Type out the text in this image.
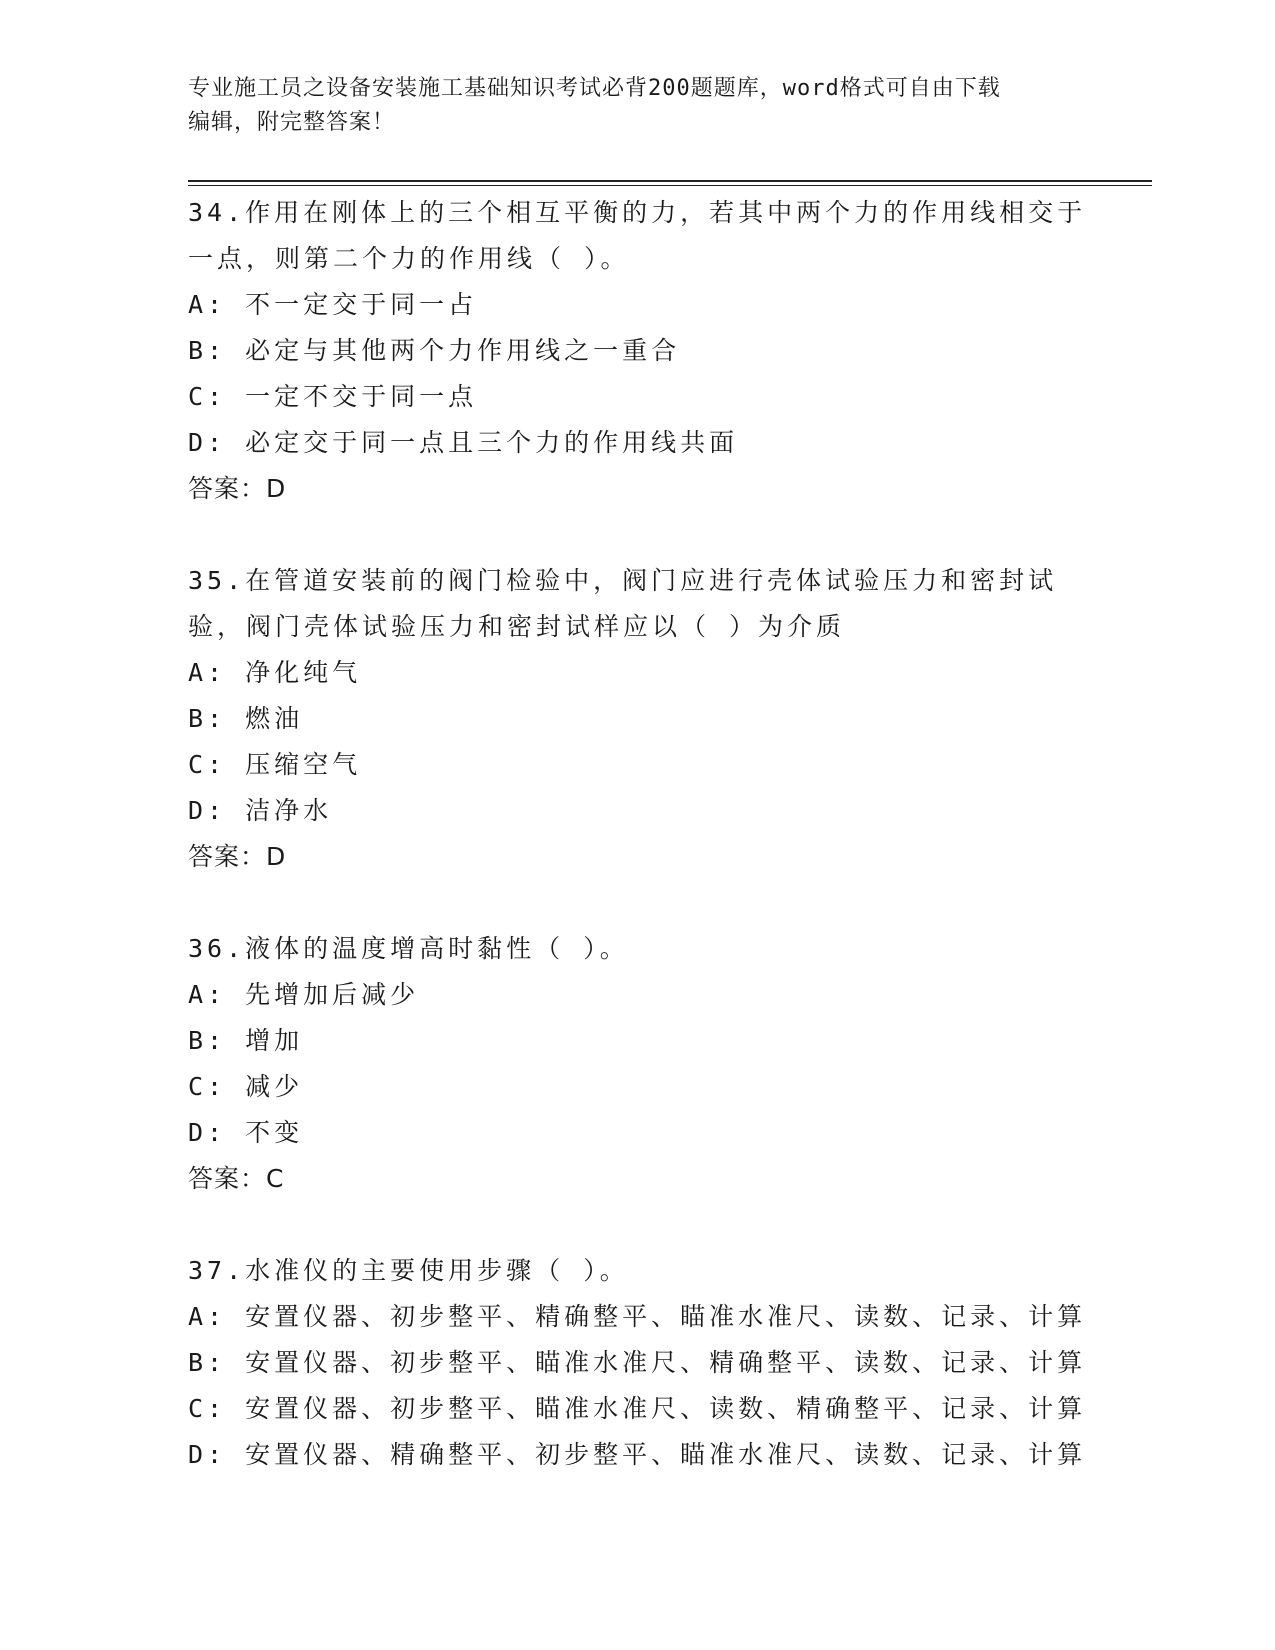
专业施工员之设备安装施工基础知识考试必背200题题库，word格式可自由下载
编辑，附完整答案！

34.作用在刚体上的三个相互平衡的力，若其中两个力的作用线相交于一点，则第二个力的作用线（ ）。

A: 不一定交于同一占
B: 必定与其他两个力作用线之一重合
C: 一定不交于同一点
D: 必定交于同一点且三个力的作用线共面
答案：D

35.在管道安装前的阀门检验中，阀门应进行壳体试验压力和密封试验，阀门壳体试验压力和密封试样应以（ ）为介质

A: 净化纯气
B: 燃油
C: 压缩空气
D: 洁净水
答案：D

36.液体的温度增高时黏性（ ）。

A: 先增加后减少
B: 增加
C: 减少
D: 不变
答案：C

37.水准仪的主要使用步骤（ ）。

A: 安置仪器、初步整平、精确整平、瞄准水准尺、读数、记录、计算
B: 安置仪器、初步整平、瞄准水准尺、精确整平、读数、记录、计算
C: 安置仪器、初步整平、瞄准水准尺、读数、精确整平、记录、计算
D: 安置仪器、精确整平、初步整平、瞄准水准尺、读数、记录、计算
